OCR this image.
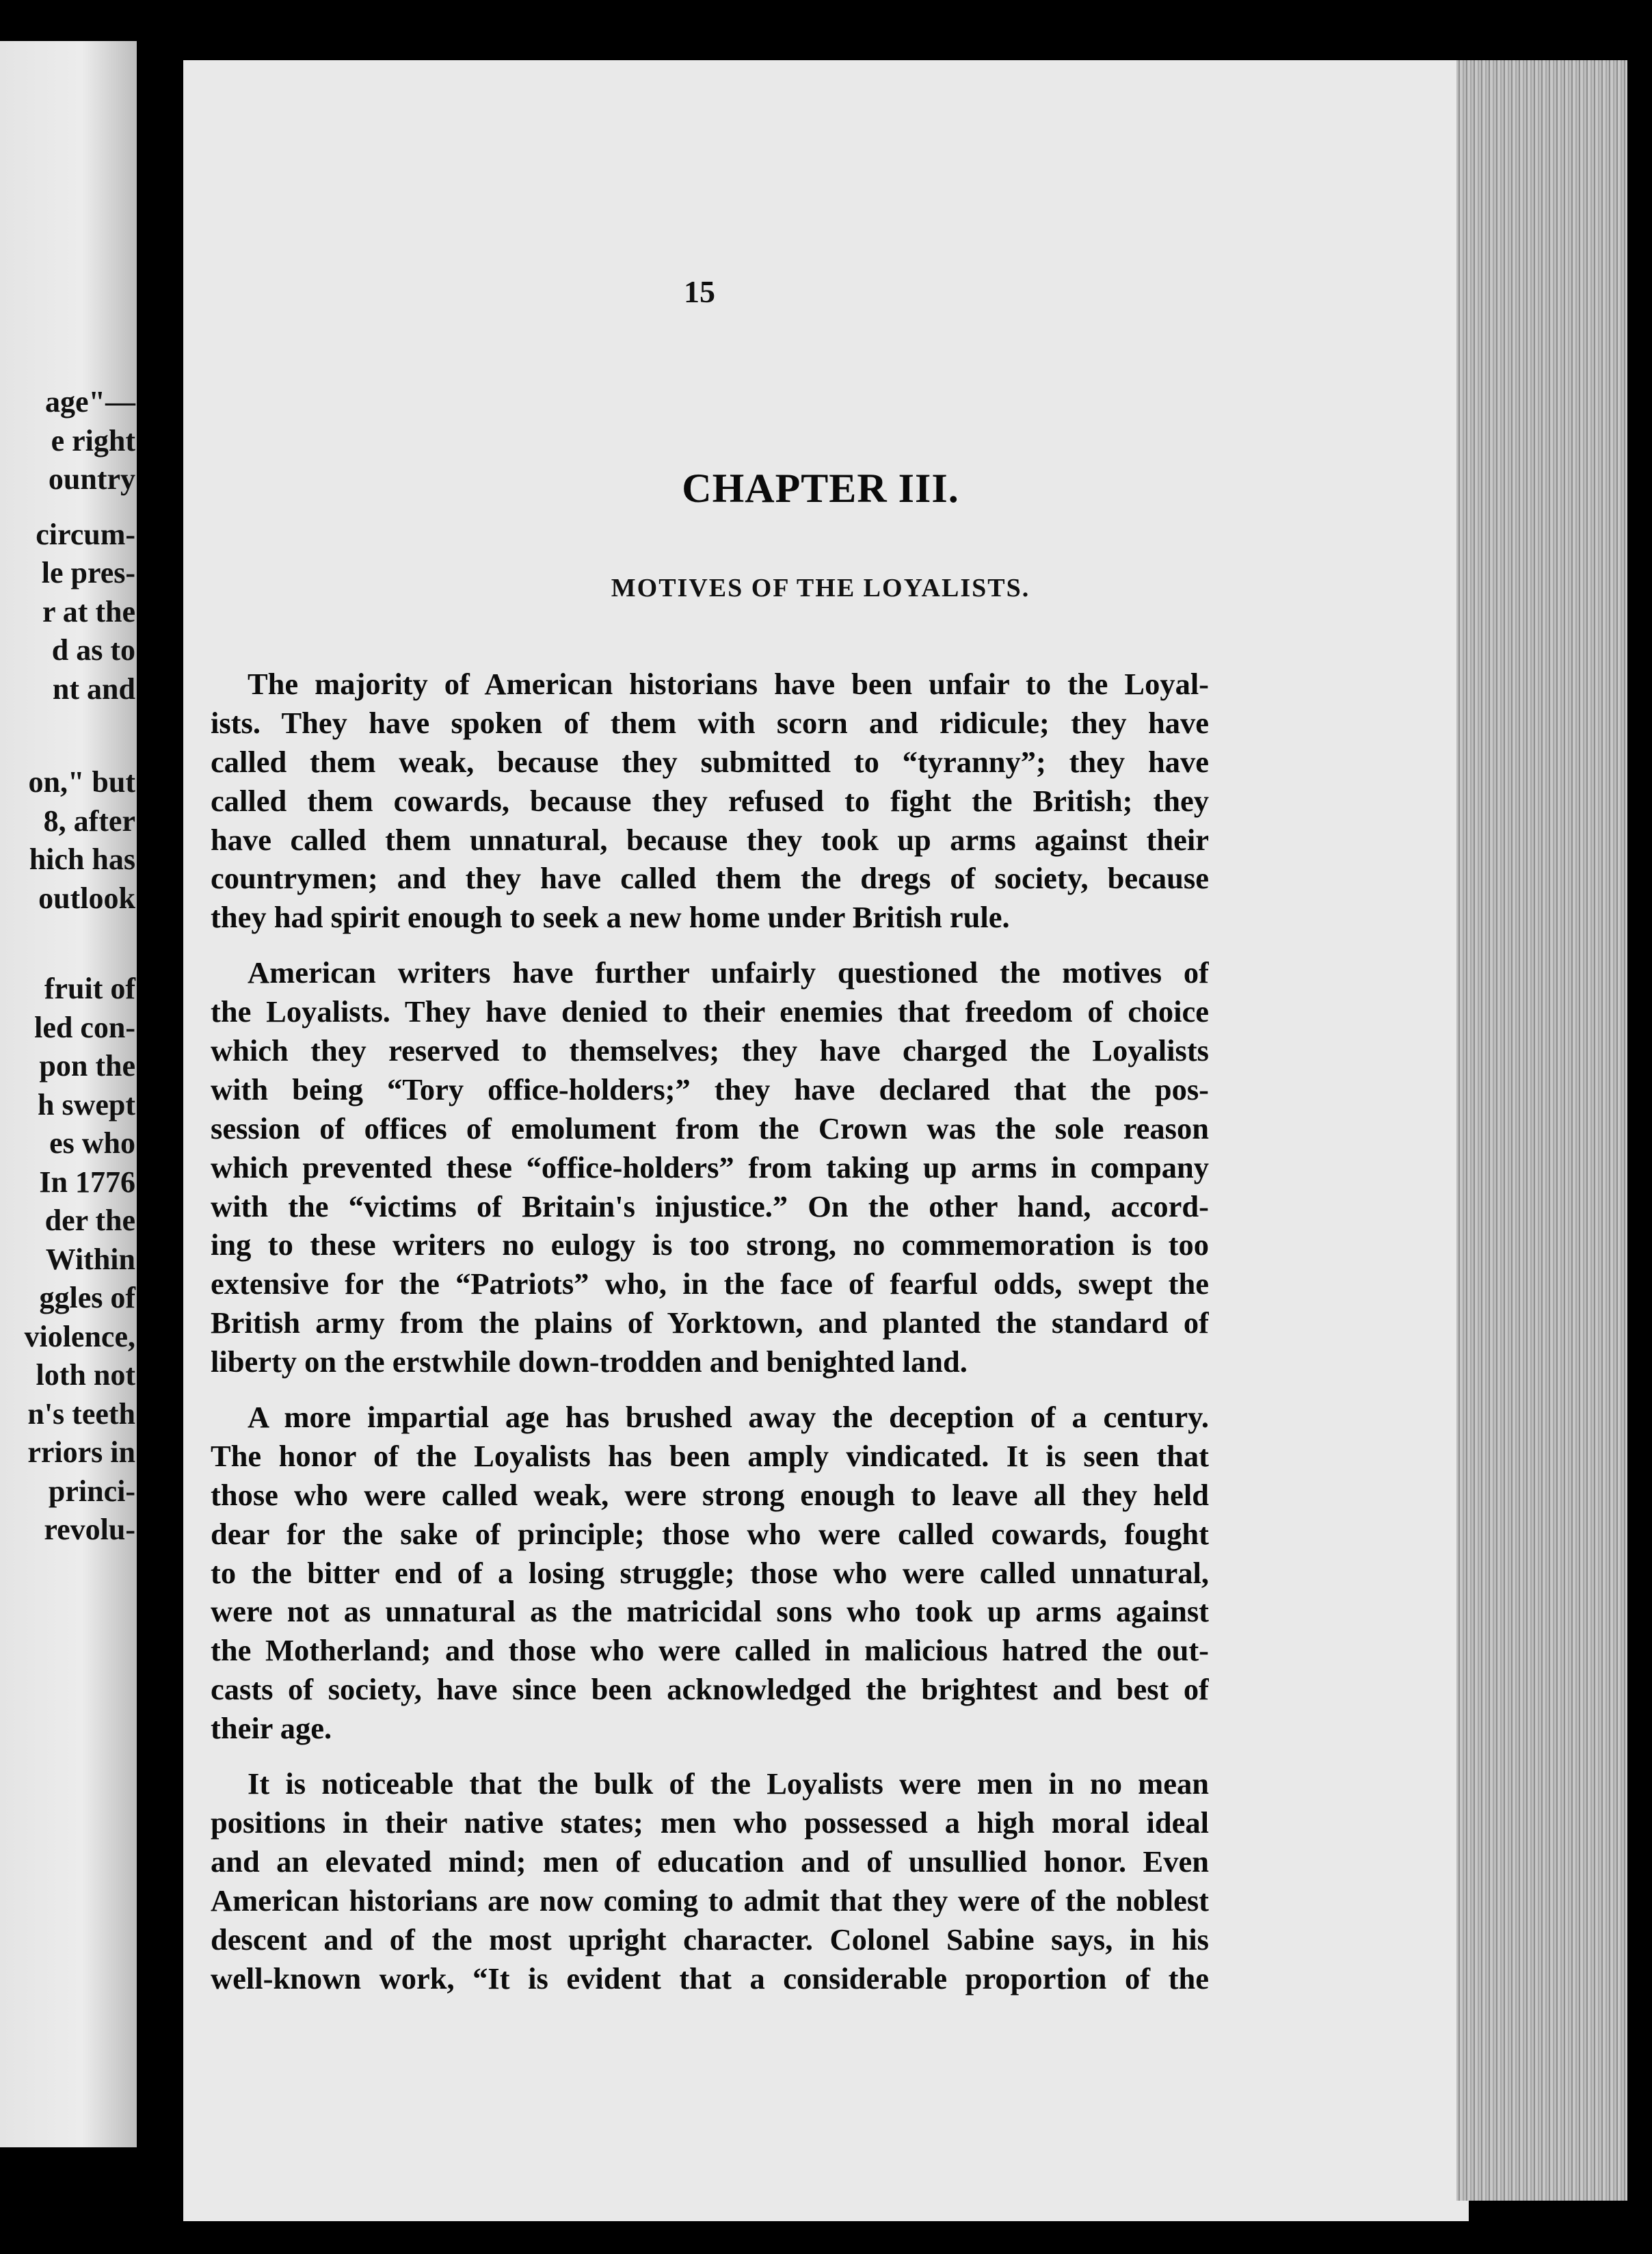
age"—
e right
ountry
circum-
le pres-
r at the
d as to
nt and
on," but
8, after
hich has
outlook
fruit of
led con-
pon the
h swept
es who
In 1776
der the
Within
ggles of
violence,
loth not
n's teeth
rriors in
princi-
revolu-
15
CHAPTER III.
MOTIVES OF THE LOYALISTS.
The majority of American historians have been unfair to the Loyal-
ists. They have spoken of them with scorn and ridicule; they have
called them weak, because they submitted to “tyranny”; they have
called them cowards, because they refused to fight the British; they
have called them unnatural, because they took up arms against their
countrymen; and they have called them the dregs of society, because
they had spirit enough to seek a new home under British rule.
American writers have further unfairly questioned the motives of
the Loyalists. They have denied to their enemies that freedom of choice
which they reserved to themselves; they have charged the Loyalists
with being “Tory office-holders;” they have declared that the pos-
session of offices of emolument from the Crown was the sole reason
which prevented these “office-holders” from taking up arms in company
with the “victims of Britain's injustice.” On the other hand, accord-
ing to these writers no eulogy is too strong, no commemoration is too
extensive for the “Patriots” who, in the face of fearful odds, swept the
British army from the plains of Yorktown, and planted the standard of
liberty on the erstwhile down-trodden and benighted land.
A more impartial age has brushed away the deception of a century.
The honor of the Loyalists has been amply vindicated. It is seen that
those who were called weak, were strong enough to leave all they held
dear for the sake of principle; those who were called cowards, fought
to the bitter end of a losing struggle; those who were called unnatural,
were not as unnatural as the matricidal sons who took up arms against
the Motherland; and those who were called in malicious hatred the out-
casts of society, have since been acknowledged the brightest and best of
their age.
It is noticeable that the bulk of the Loyalists were men in no mean
positions in their native states; men who possessed a high moral ideal
and an elevated mind; men of education and of unsullied honor. Even
American historians are now coming to admit that they were of the noblest
descent and of the most upright character. Colonel Sabine says, in his
well-known work, “It is evident that a considerable proportion of the
